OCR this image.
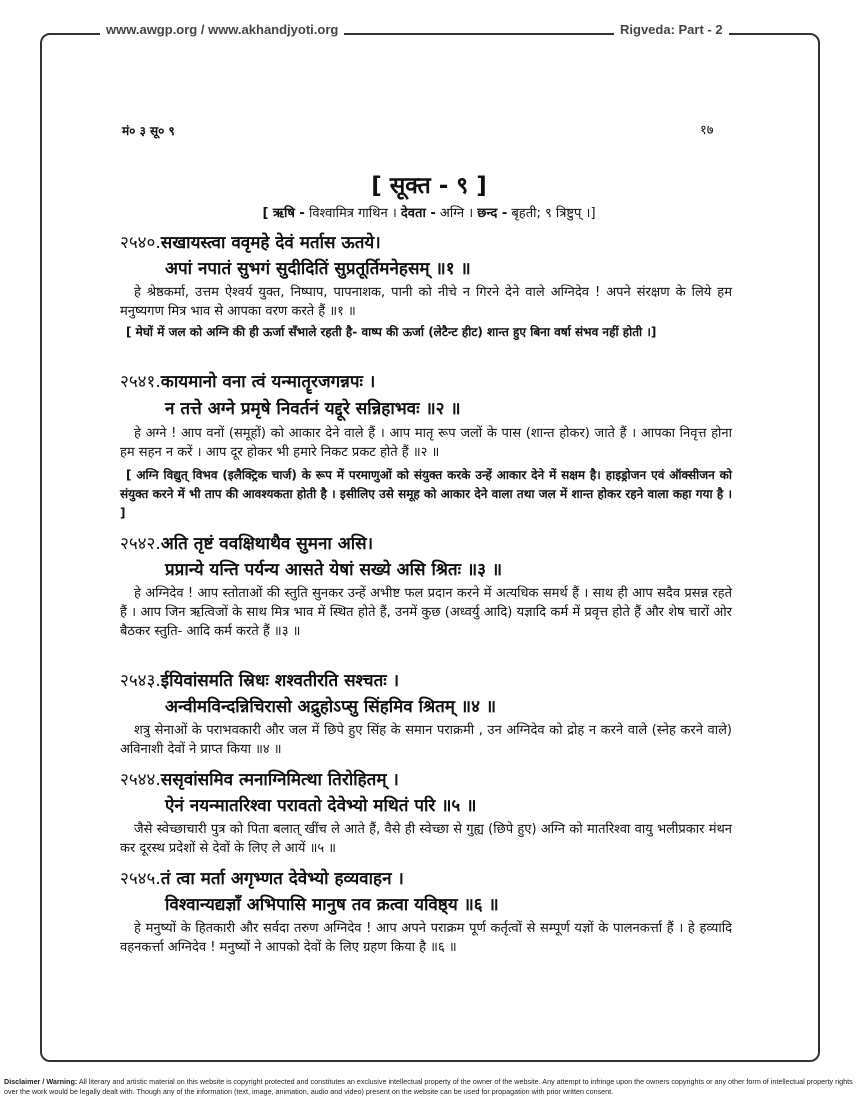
www.awgp.org / www.akhandjyoti.org	Rigveda: Part - 2
मं० ३ सू० ९	१७
[ सूक्त - ९ ]
[ ऋषि - विश्वामित्र गाथिन । देवता - अग्नि । छन्द - बृहती; ९ त्रिष्टुप् ।]
२५४०.सखायस्त्वा ववृमहे देवं मर्तास ऊतये।
अपां नपातं सुभगं सुदीदितिं सुप्रतूर्तिमनेहसम् ॥१ ॥
हे श्रेष्ठकर्मा, उत्तम ऐश्वर्य युक्त, निष्पाप, पापनाशक, पानी को नीचे न गिरने देने वाले अग्निदेव ! अपने संरक्षण के लिये हम मनुष्यगण मित्र भाव से आपका वरण करते हैं ॥१ ॥
[ मेघों में जल को अग्नि की ही ऊर्जा सँभाले रहती है- वाष्प की ऊर्जा (लेटैन्ट हीट) शान्त हुए बिना वर्षा संभव नहीं होती ।]
२५४१.कायमानो वना त्वं यन्मातॄरजगन्नपः ।
न तत्ते अग्ने प्रमृषे निवर्तनं यद्दूरे सन्निहाभवः ॥२ ॥
हे अग्ने ! आप वनों (समूहों) को आकार देने वाले हैं । आप मातृ रूप जलों के पास (शान्त होकर) जाते हैं । आपका निवृत्त होना हम सहन न करें । आप दूर होकर भी हमारे निकट प्रकट होते हैं ॥२ ॥
[ अग्नि विद्युत् विभव (इलैक्ट्रिक चार्ज) के रूप में परमाणुओं को संयुक्त करके उन्हें आकार देने में सक्षम है। हाइड्रोजन एवं ऑक्सीजन को संयुक्त करने में भी ताप की आवश्यकता होती है । इसीलिए उसे समूह को आकार देने वाला तथा जल में शान्त होकर रहने वाला कहा गया है । ]
२५४२.अति तृष्टं ववक्षिथाथैव सुमना असि।
प्रप्रान्ये यन्ति पर्यन्य आसते येषां सख्ये असि श्रितः ॥३ ॥
हे अग्निदेव ! आप स्तोताओं की स्तुति सुनकर उन्हें अभीष्ट फल प्रदान करने में अत्यधिक समर्थ हैं । साथ ही आप सदैव प्रसन्न रहते हैं । आप जिन ऋत्विजों के साथ मित्र भाव में स्थित होते हैं, उनमें कुछ (अध्वर्यु आदि) यज्ञादि कर्म में प्रवृत्त होते हैं और शेष चारों ओर बैठकर स्तुति- आदि कर्म करते हैं ॥३ ॥
२५४३.ईयिवांसमति स्रिधः शश्वतीरति सश्चतः ।
अन्वीमविन्दन्निचिरासो अद्रुहोऽप्सु सिंहमिव श्रितम् ॥४ ॥
शत्रु सेनाओं के पराभवकारी और जल में छिपे हुए सिंह के समान पराक्रमी , उन अग्निदेव को द्रोह न करने वाले (स्नेह करने वाले) अविनाशी देवों ने प्राप्त किया ॥४ ॥
२५४४.ससृवांसमिव त्मनाग्निमित्था तिरोहितम् ।
ऐनं नयन्मातरिश्वा परावतो देवेभ्यो मथितं परि ॥५ ॥
जैसे स्वेच्छाचारी पुत्र को पिता बलात् खींच ले आते हैं, वैसे ही स्वेच्छा से गुह्य (छिपे हुए) अग्नि को मातरिश्वा वायु भलीप्रकार मंथन कर दूरस्थ प्रदेशों से देवों के लिए ले आयें ॥५ ॥
२५४५.तं त्वा मर्ता अगृभ्णत देवेभ्यो हव्यवाहन ।
विश्वान्यद्यज्ञाँ अभिपासि मानुष तव क्रत्वा यविष्ठ्य ॥६ ॥
हे मनुष्यों के हितकारी और सर्वदा तरुण अग्निदेव ! आप अपने पराक्रम पूर्ण कर्तृत्वों से सम्पूर्ण यज्ञों के पालनकर्त्ता हैं । हे हव्यादि वहनकर्त्ता अग्निदेव ! मनुष्यों ने आपको देवों के लिए ग्रहण किया है ॥६ ॥
Disclaimer / Warning: All literary and artistic material on this website is copyright protected and constitutes an exclusive intellectual property of the owner of the website. Any attempt to infringe upon the owners copyrights or any other form of intellectual property rights over the work would be legally dealt with. Though any of the information (text, image, animation, audio and video) present on the website can be used for propagation with prior written consent.
